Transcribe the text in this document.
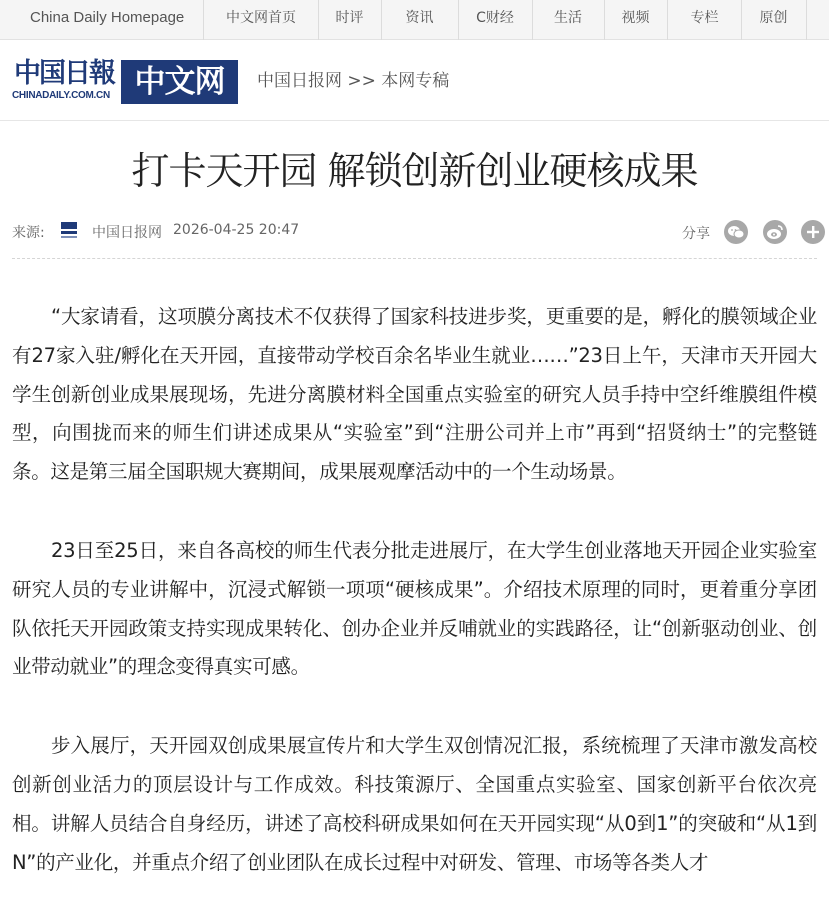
China Daily Homepage	中文网首页	时评	资讯	C财经	生活	视频	专栏	原创
中国日報
CHINADAILY.COM.CN 中文网	中国日报网 >> 本网专稿
打卡天开园 解锁创新创业硬核成果
来源:	中国日报网 2026-04-25 20:47	分享

“大家请看，这项膜分离技术不仅获得了国家科技进步奖，更重要的是，孵化的膜领域企业有27家入驻/孵化在天开园，直接带动学校百余名毕业生就业……”23日上午，天津市天开园大学生创新创业成果展现场，先进分离膜材料全国重点实验室的研究人员手持中空纤维膜组件模型，向围拢而来的师生们讲述成果从“实验室”到“注册公司并上市”再到“招贤纳士”的完整链条。这是第三届全国职规大赛期间，成果展观摩活动中的一个生动场景。

23日至25日，来自各高校的师生代表分批走进展厅，在大学生创业落地天开园企业实验室研究人员的专业讲解中，沉浸式解锁一项项“硬核成果”。介绍技术原理的同时，更着重分享团队依托天开园政策支持实现成果转化、创办企业并反哺就业的实践路径，让“创新驱动创业、创业带动就业”的理念变得真实可感。

步入展厅，天开园双创成果展宣传片和大学生双创情况汇报，系统梳理了天津市激发高校创新创业活力的顶层设计与工作成效。科技策源厅、全国重点实验室、国家创新平台依次亮相。讲解人员结合自身经历，讲述了高校科研成果如何在天开园实现“从0到1”的突破和“从1到N”的产业化，并重点介绍了创业团队在成长过程中对研发、管理、市场等各类人才
